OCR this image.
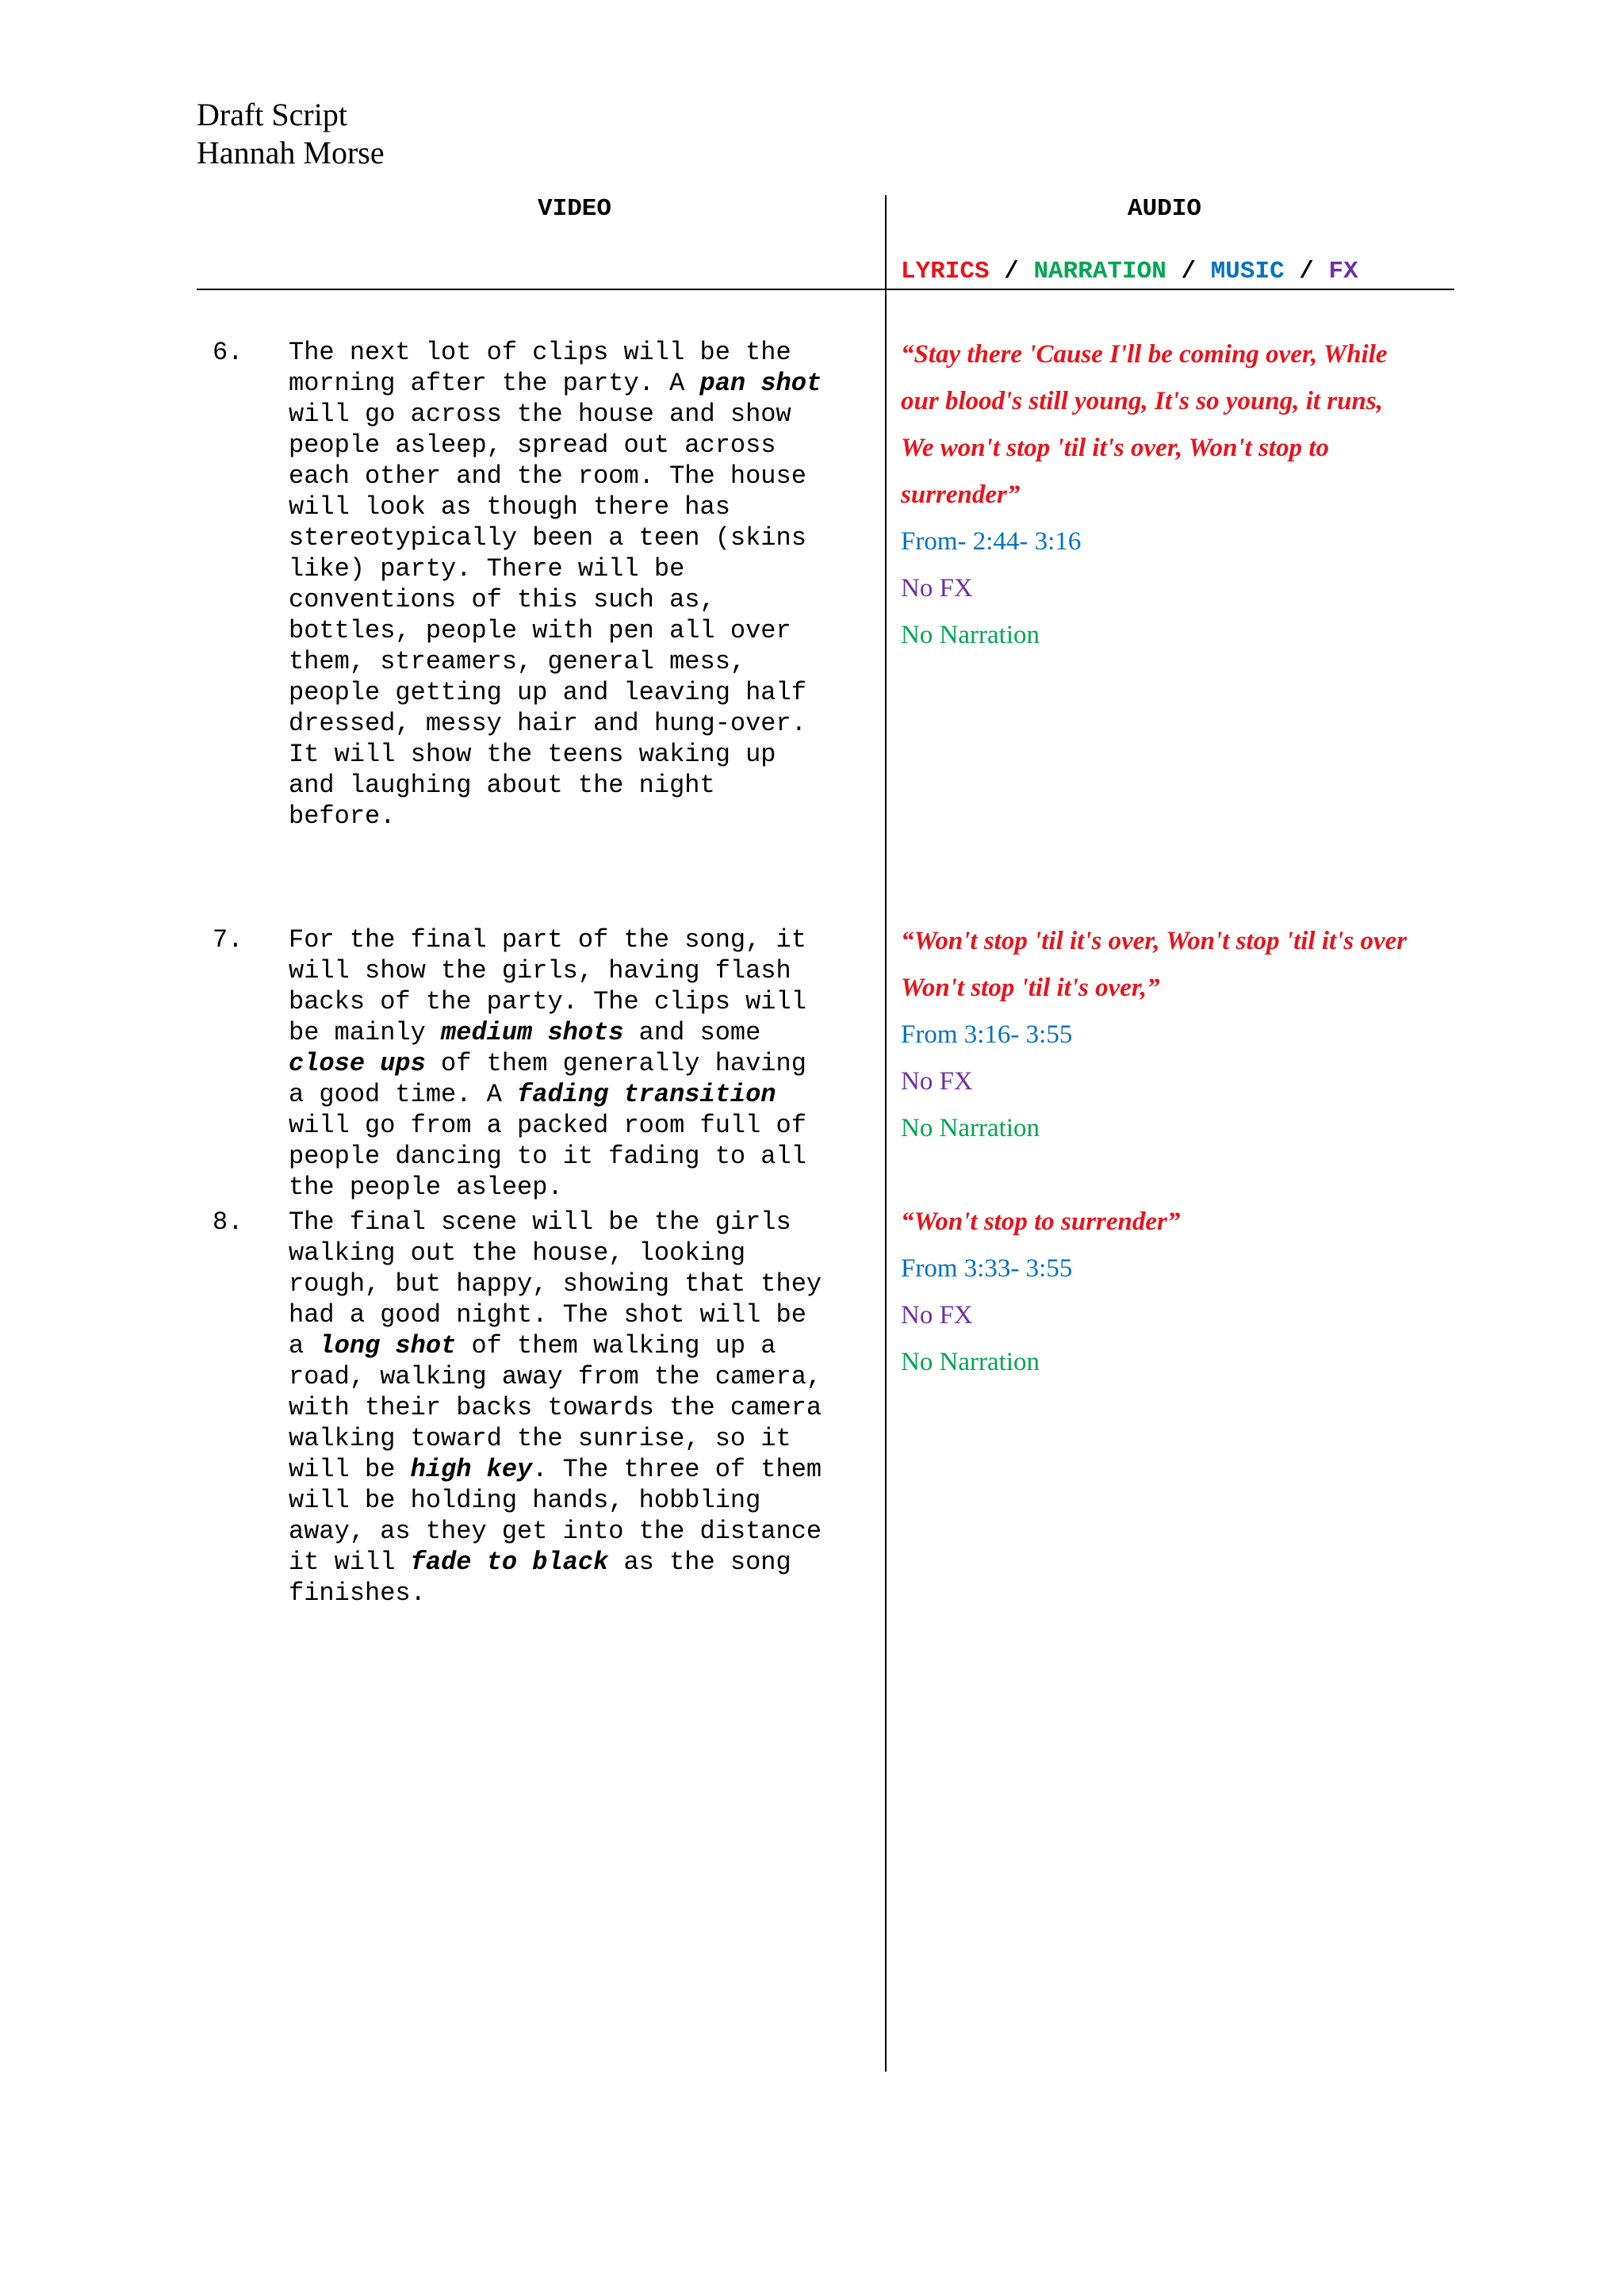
Draft Script
Hannah Morse
VIDEO	AUDIO
LYRICS / NARRATION / MUSIC / FX
6. The next lot of clips will be the
morning after the party. A pan shot
will go across the house and show
people asleep, spread out across
each other and the room. The house
will look as though there has
stereotypically been a teen (skins
like) party. There will be
conventions of this such as,
bottles, people with pen all over
them, streamers, general mess,
people getting up and leaving half
dressed, messy hair and hung-over.
It will show the teens waking up
and laughing about the night
before.
7. For the final part of the song, it
will show the girls, having flash
backs of the party. The clips will
be mainly medium shots and some
close ups of them generally having
a good time. A fading transition
will go from a packed room full of
people dancing to it fading to all
the people asleep.
8. The final scene will be the girls
walking out the house, looking
rough, but happy, showing that they
had a good night. The shot will be
a long shot of them walking up a
road, walking away from the camera,
with their backs towards the camera
walking toward the sunrise, so it
will be high key. The three of them
will be holding hands, hobbling
away, as they get into the distance
it will fade to black as the song
finishes.

“Stay there 'Cause I'll be coming over, While

our blood's still young, It's so young, it runs,

We won't stop 'til it's over, Won't stop to

surrender”

From- 2:44- 3:16

No FX

No Narration

“Won't stop 'til it's over, Won't stop 'til it's over

Won't stop 'til it's over,”

From 3:16- 3:55

No FX

No Narration

“Won't stop to surrender”

From 3:33- 3:55

No FX

No Narration
